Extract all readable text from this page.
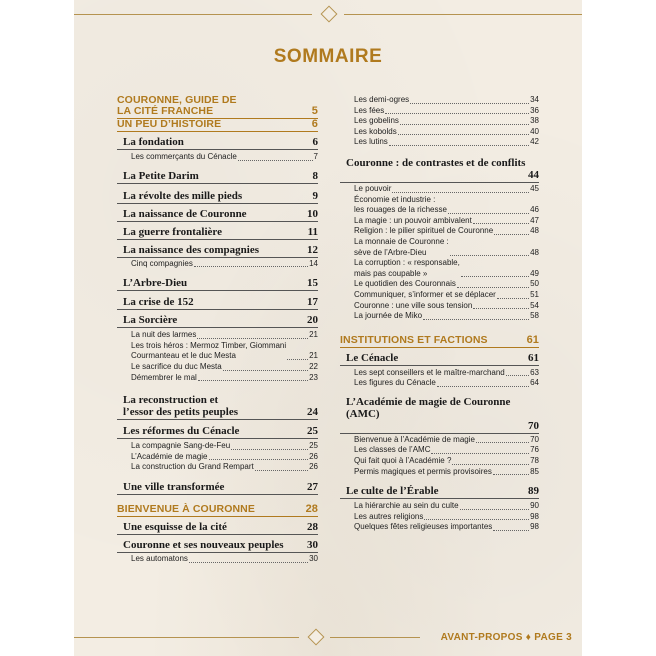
SOMMAIRE
COURONNE, GUIDE DE
LA CITÉ FRANCHE	5
UN PEU D’HISTOIRE	6
La fondation	6
Les commerçants du Cénacle	7
La Petite Darim	8
La révolte des mille pieds	9
La naissance de Couronne	10
La guerre frontalière	11
La naissance des compagnies	12
Cinq compagnies	14
L’Arbre-Dieu	15
La crise de 152	17
La Sorcière	20
La nuit des larmes	21
Les trois héros : Mermoz Timber, Giommani
Courmanteau et le duc Mesta	21
Le sacrifice du duc Mesta	22
Démembrer le mal	23
La reconstruction et
l’essor des petits peuples	24
Les réformes du Cénacle	25
La compagnie Sang-de-Feu	25
L’Académie de magie	26
La construction du Grand Rempart	26
Une ville transformée	27
BIENVENUE À COURONNE	28
Une esquisse de la cité	28
Couronne et ses nouveaux peuples 30
Les automatons	30
Les demi-ogres	34
Les fées	36
Les gobelins	38
Les kobolds	40
Les lutins	42
Couronne : de contrastes et de conflits
44
Le pouvoir	45
Économie et industrie :
les rouages de la richesse	46
La magie : un pouvoir ambivalent	47
Religion : le pilier spirituel de Couronne	48
La monnaie de Couronne :
sève de l’Arbre-Dieu	48
La corruption : « responsable,
mais pas coupable »	49
Le quotidien des Couronnais	50
Communiquer, s’informer et se déplacer	51
Couronne : une ville sous tension	54
La journée de Miko	58
INSTITUTIONS ET FACTIONS	61
Le Cénacle	61
Les sept conseillers et le maître-marchand	63
Les figures du Cénacle	64
L’Académie de magie de Couronne (AMC)
70
Bienvenue à l’Académie de magie	70
Les classes de l’AMC	76
Qui fait quoi à l’Académie ?	78
Permis magiques et permis provisoires	85
Le culte de l’Érable	89
La hiérarchie au sein du culte	90
Les autres religions	98
Quelques fêtes religieuses importantes	98
AVANT-PROPOS ♦ PAGE 3
